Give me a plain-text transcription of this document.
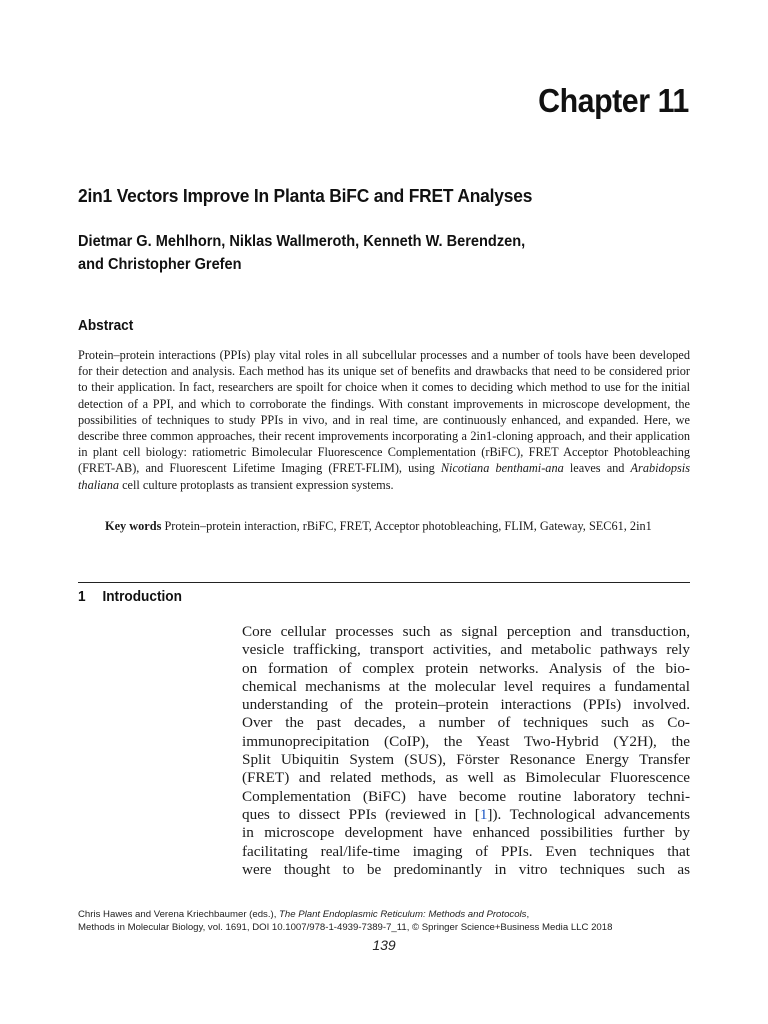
Chapter 11
2in1 Vectors Improve In Planta BiFC and FRET Analyses
Dietmar G. Mehlhorn, Niklas Wallmeroth, Kenneth W. Berendzen,
and Christopher Grefen
Abstract
Protein–protein interactions (PPIs) play vital roles in all subcellular processes and a number of tools have been developed for their detection and analysis. Each method has its unique set of benefits and drawbacks that need to be considered prior to their application. In fact, researchers are spoilt for choice when it comes to deciding which method to use for the initial detection of a PPI, and which to corroborate the findings. With constant improvements in microscope development, the possibilities of techniques to study PPIs in vivo, and in real time, are continuously enhanced, and expanded. Here, we describe three common approaches, their recent improvements incorporating a 2in1-cloning approach, and their application in plant cell biology: ratiometric Bimolecular Fluorescence Complementation (rBiFC), FRET Acceptor Photobleaching (FRET-AB), and Fluorescent Lifetime Imaging (FRET-FLIM), using Nicotiana benthami-ana leaves and Arabidopsis thaliana cell culture protoplasts as transient expression systems.
Key words Protein–protein interaction, rBiFC, FRET, Acceptor photobleaching, FLIM, Gateway, SEC61, 2in1
1 Introduction
Core cellular processes such as signal perception and transduction,
vesicle trafficking, transport activities, and metabolic pathways rely
on formation of complex protein networks. Analysis of the bio-
chemical mechanisms at the molecular level requires a fundamental
understanding of the protein–protein interactions (PPIs) involved.
Over the past decades, a number of techniques such as Co-
immunoprecipitation (CoIP), the Yeast Two-Hybrid (Y2H), the
Split Ubiquitin System (SUS), Förster Resonance Energy Transfer
(FRET) and related methods, as well as Bimolecular Fluorescence
Complementation (BiFC) have become routine laboratory techni-
ques to dissect PPIs (reviewed in [1]). Technological advancements
in microscope development have enhanced possibilities further by
facilitating real/life-time imaging of PPIs. Even techniques that
were thought to be predominantly in vitro techniques such as
Chris Hawes and Verena Kriechbaumer (eds.), The Plant Endoplasmic Reticulum: Methods and Protocols,
Methods in Molecular Biology, vol. 1691, DOI 10.1007/978-1-4939-7389-7_11, © Springer Science+Business Media LLC 2018
139
